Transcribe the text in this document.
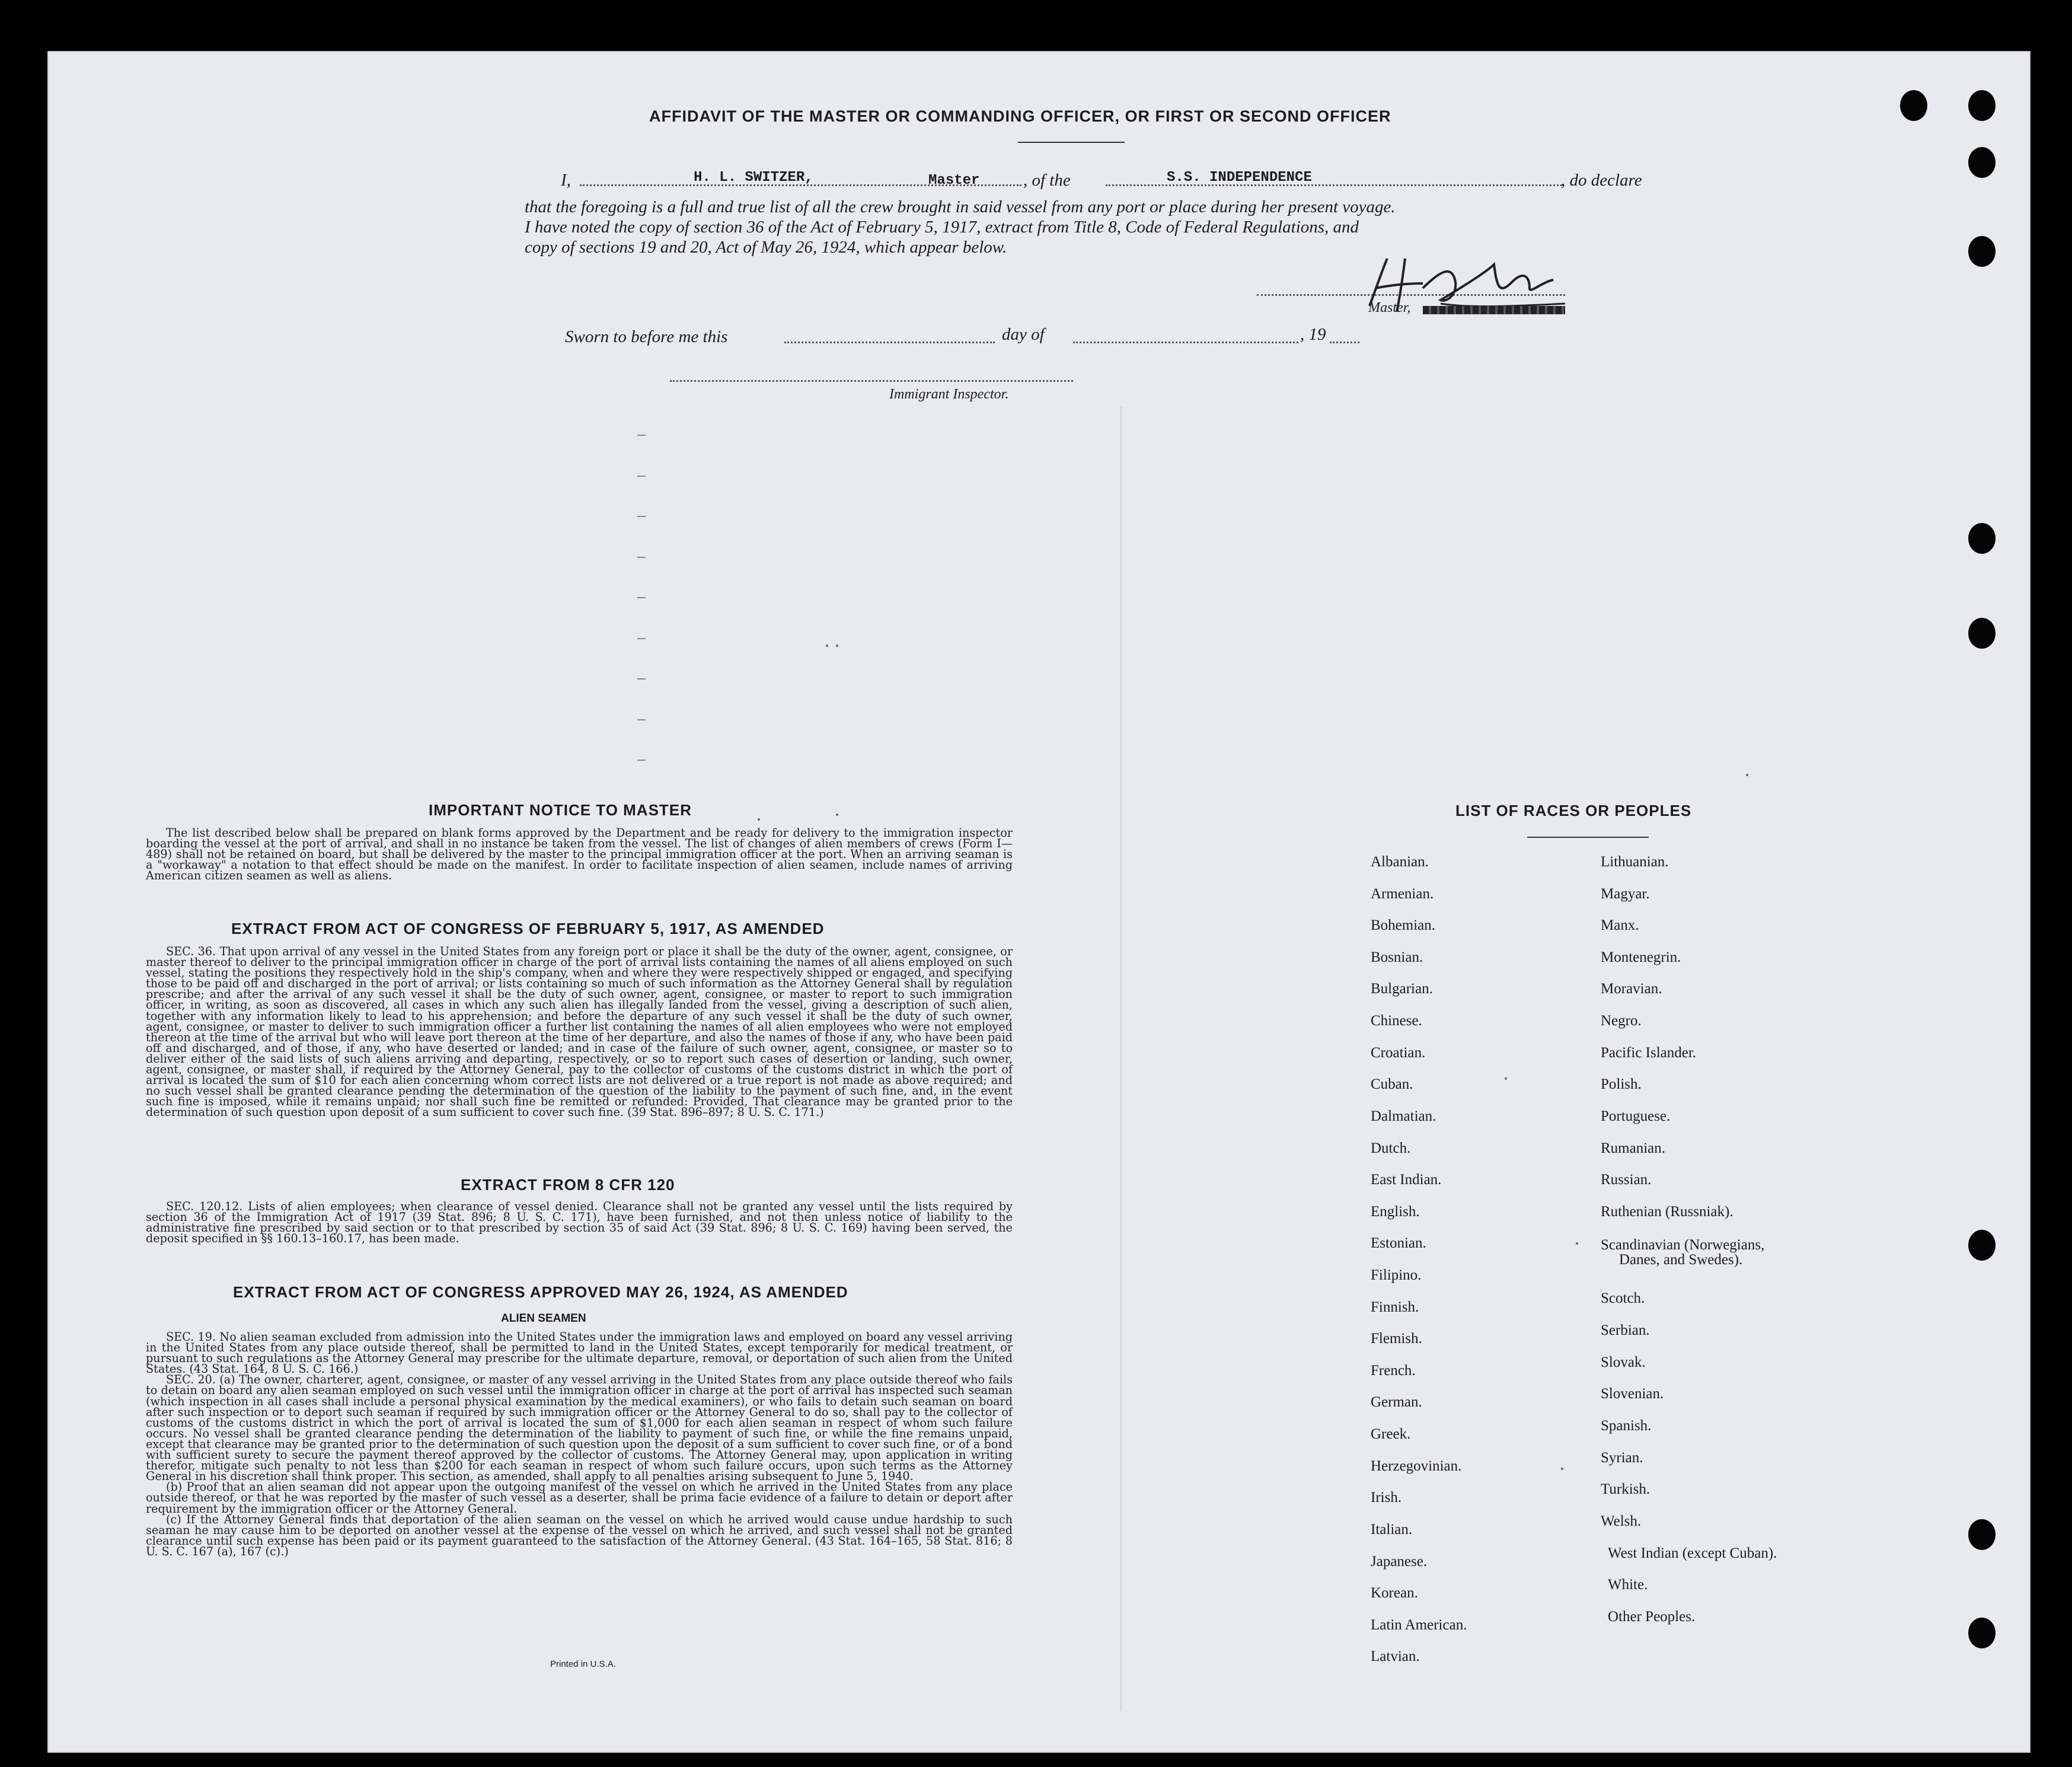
AFFIDAVIT OF THE MASTER OR COMMANDING OFFICER, OR FIRST OR SECOND OFFICER
I,	H. L. SWITZER,	Master	, of the	S.S. INDEPENDENCE	, do declare
that the foregoing is a full and true list of all the crew brought in said vessel from any port or place during her present voyage.
I have noted the copy of section 36 of the Act of February 5, 1917, extract from Title 8, Code of Federal Regulations, and
copy of sections 19 and 20, Act of May 26, 1924, which appear below.
Master,
Sworn to before me this	day of	, 19
Immigrant Inspector.
IMPORTANT NOTICE TO MASTER

The list described below shall be prepared on blank forms approved by the Department and be ready for delivery to the immigration inspector boarding the vessel at the port of arrival, and shall in no instance be taken from the vessel. The list of changes of alien members of crews (Form I—489) shall not be retained on board, but shall be delivered by the master to the principal immigration officer at the port. When an arriving seaman is a "workaway" a notation to that effect should be made on the manifest. In order to facilitate inspection of alien seamen, include names of arriving American citizen seamen as well as aliens.

EXTRACT FROM ACT OF CONGRESS OF FEBRUARY 5, 1917, AS AMENDED

SEC. 36. That upon arrival of any vessel in the United States from any foreign port or place it shall be the duty of the owner, agent, consignee, or master thereof to deliver to the principal immigration officer in charge of the port of arrival lists containing the names of all aliens employed on such vessel, stating the positions they respectively hold in the ship's company, when and where they were respectively shipped or engaged, and specifying those to be paid off and discharged in the port of arrival; or lists containing so much of such information as the Attorney General shall by regulation prescribe; and after the arrival of any such vessel it shall be the duty of such owner, agent, consignee, or master to report to such immigration officer, in writing, as soon as discovered, all cases in which any such alien has illegally landed from the vessel, giving a description of such alien, together with any information likely to lead to his apprehension; and before the departure of any such vessel it shall be the duty of such owner, agent, consignee, or master to deliver to such immigration officer a further list containing the names of all alien employees who were not employed thereon at the time of the arrival but who will leave port thereon at the time of her departure, and also the names of those if any, who have been paid off and discharged, and of those, if any, who have deserted or landed; and in case of the failure of such owner, agent, consignee, or master so to deliver either of the said lists of such aliens arriving and departing, respectively, or so to report such cases of desertion or landing, such owner, agent, consignee, or master shall, if required by the Attorney General, pay to the collector of customs of the customs district in which the port of arrival is located the sum of $10 for each alien concerning whom correct lists are not delivered or a true report is not made as above required; and no such vessel shall be granted clearance pending the determination of the question of the liability to the payment of such fine, and, in the event such fine is imposed, while it remains unpaid; nor shall such fine be remitted or refunded: Provided, That clearance may be granted prior to the determination of such question upon deposit of a sum sufficient to cover such fine. (39 Stat. 896–897; 8 U. S. C. 171.)

EXTRACT FROM 8 CFR 120

SEC. 120.12. Lists of alien employees; when clearance of vessel denied. Clearance shall not be granted any vessel until the lists required by section 36 of the Immigration Act of 1917 (39 Stat. 896; 8 U. S. C. 171), have been furnished, and not then unless notice of liability to the administrative fine prescribed by said section or to that prescribed by section 35 of said Act (39 Stat. 896; 8 U. S. C. 169) having been served, the deposit specified in §§ 160.13–160.17, has been made.

EXTRACT FROM ACT OF CONGRESS APPROVED MAY 26, 1924, AS AMENDED
ALIEN SEAMEN

SEC. 19. No alien seaman excluded from admission into the United States under the immigration laws and employed on board any vessel arriving in the United States from any place outside thereof, shall be permitted to land in the United States, except temporarily for medical treatment, or pursuant to such regulations as the Attorney General may prescribe for the ultimate departure, removal, or deportation of such alien from the United States. (43 Stat. 164, 8 U. S. C. 166.)

SEC. 20. (a) The owner, charterer, agent, consignee, or master of any vessel arriving in the United States from any place outside thereof who fails to detain on board any alien seaman employed on such vessel until the immigration officer in charge at the port of arrival has inspected such seaman (which inspection in all cases shall include a personal physical examination by the medical examiners), or who fails to detain such seaman on board after such inspection or to deport such seaman if required by such immigration officer or the Attorney General to do so, shall pay to the collector of customs of the customs district in which the port of arrival is located the sum of $1,000 for each alien seaman in respect of whom such failure occurs. No vessel shall be granted clearance pending the determination of the liability to payment of such fine, or while the fine remains unpaid, except that clearance may be granted prior to the determination of such question upon the deposit of a sum sufficient to cover such fine, or of a bond with sufficient surety to secure the payment thereof approved by the collector of customs. The Attorney General may, upon application in writing therefor, mitigate such penalty to not less than $200 for each seaman in respect of whom such failure occurs, upon such terms as the Attorney General in his discretion shall think proper. This section, as amended, shall apply to all penalties arising subsequent to June 5, 1940.

(b) Proof that an alien seaman did not appear upon the outgoing manifest of the vessel on which he arrived in the United States from any place outside thereof, or that he was reported by the master of such vessel as a deserter, shall be prima facie evidence of a failure to detain or deport after requirement by the immigration officer or the Attorney General.

(c) If the Attorney General finds that deportation of the alien seaman on the vessel on which he arrived would cause undue hardship to such seaman he may cause him to be deported on another vessel at the expense of the vessel on which he arrived, and such vessel shall not be granted clearance until such expense has been paid or its payment guaranteed to the satisfaction of the Attorney General. (43 Stat. 164–165, 58 Stat. 816; 8 U. S. C. 167 (a), 167 (c).)

Printed in U.S.A.
LIST OF RACES OR PEOPLES
Albanian.
Armenian.
Bohemian.
Bosnian.
Bulgarian.
Chinese.
Croatian.
Cuban.
Dalmatian.
Dutch.
East Indian.
English.
Estonian.
Filipino.
Finnish.
Flemish.
French.
German.
Greek.
Herzegovinian.
Irish.
Italian.
Japanese.
Korean.
Latin American.
Latvian.
Lithuanian.
Magyar.
Manx.
Montenegrin.
Moravian.
Negro.
Pacific Islander.
Polish.
Portuguese.
Rumanian.
Russian.
Ruthenian (Russniak).
Scandinavian (Norwegians,
Danes, and Swedes).
Scotch.
Serbian.
Slovak.
Slovenian.
Spanish.
Syrian.
Turkish.
Welsh.
West Indian (except Cuban).
White.
Other Peoples.
